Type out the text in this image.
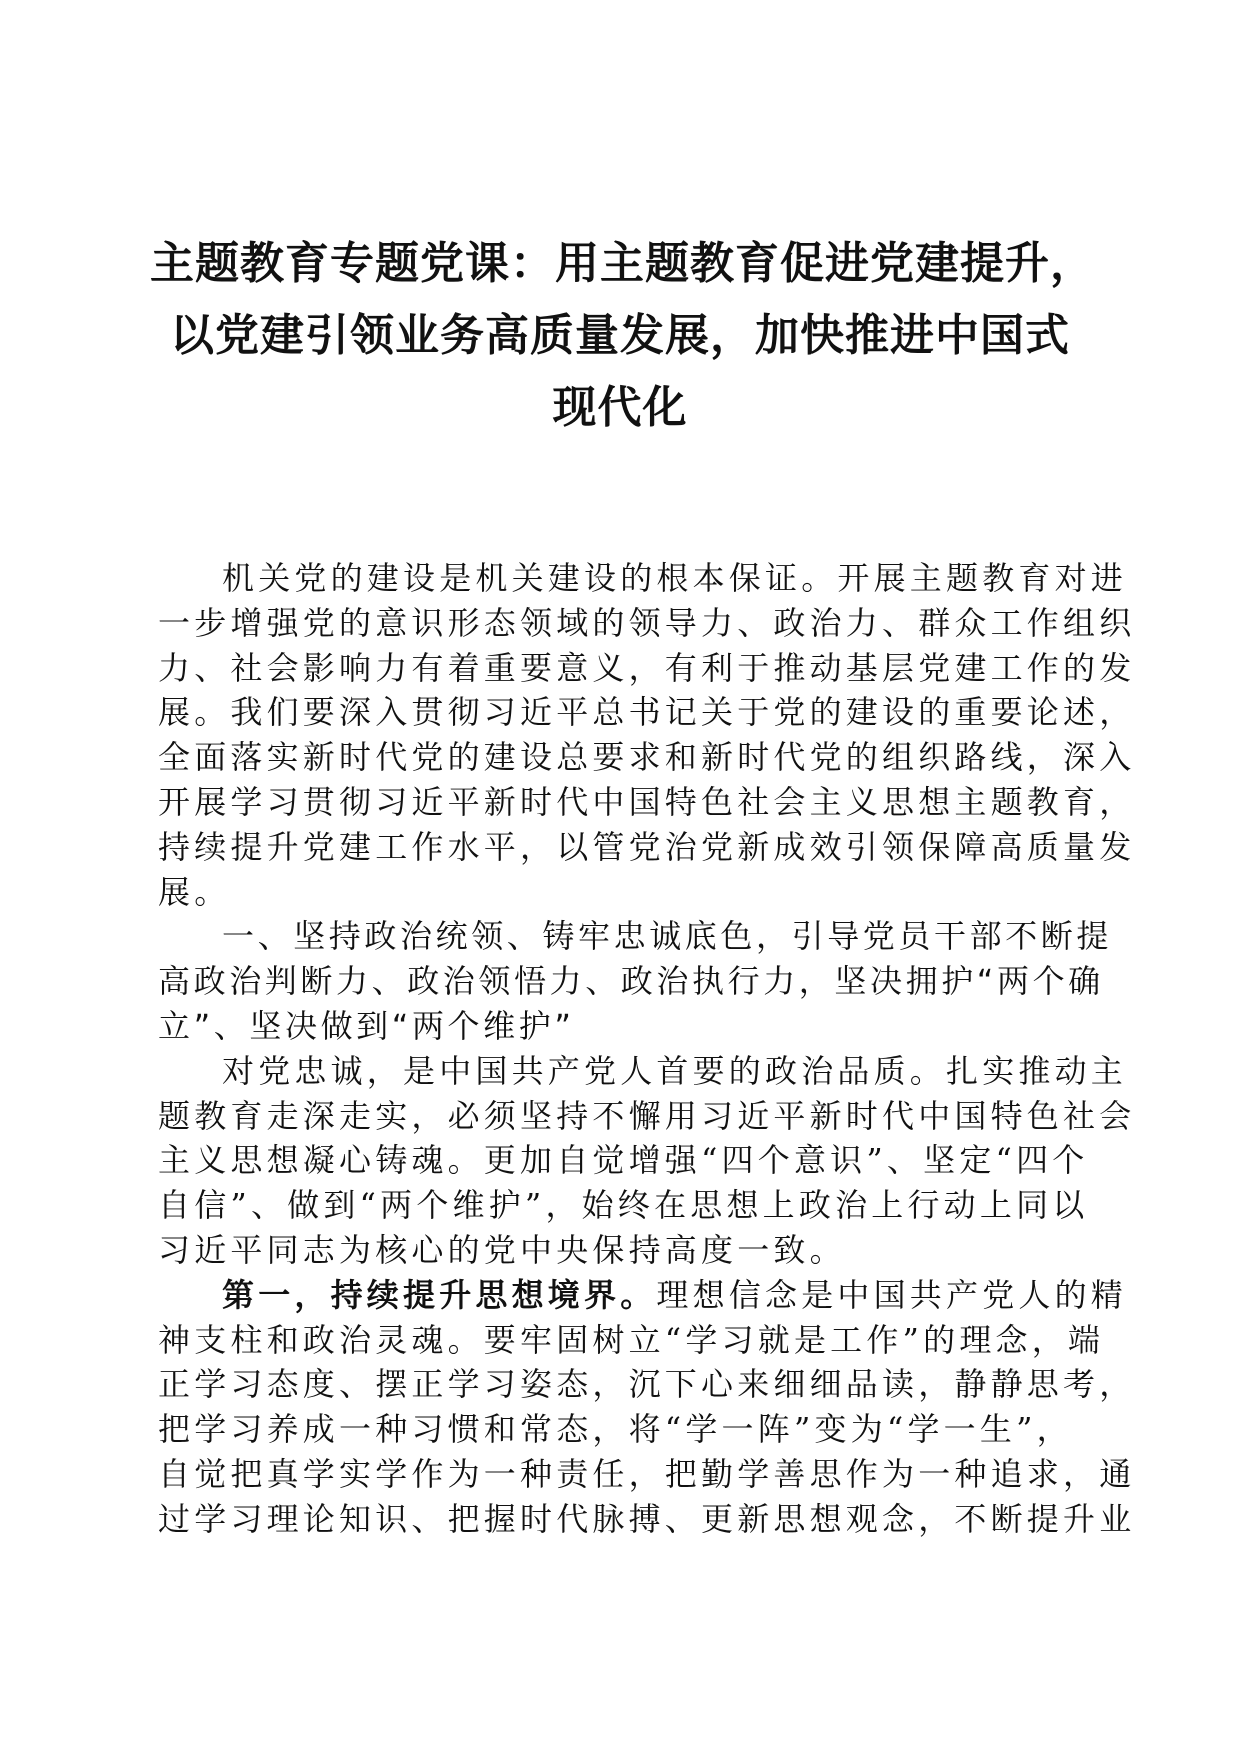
主题教育专题党课：用主题教育促进党建提升，
以党建引领业务高质量发展，加快推进中国式
现代化
机关党的建设是机关建设的根本保证。开展主题教育对进
一步增强党的意识形态领域的领导力、政治力、群众工作组织
力、社会影响力有着重要意义，有利于推动基层党建工作的发
展。我们要深入贯彻习近平总书记关于党的建设的重要论述，
全面落实新时代党的建设总要求和新时代党的组织路线，深入
开展学习贯彻习近平新时代中国特色社会主义思想主题教育，
持续提升党建工作水平，以管党治党新成效引领保障高质量发
展。
一、坚持政治统领、铸牢忠诚底色，引导党员干部不断提
高政治判断力、政治领悟力、政治执行力，坚决拥护“两个确
立”、坚决做到“两个维护”
对党忠诚，是中国共产党人首要的政治品质。扎实推动主
题教育走深走实，必须坚持不懈用习近平新时代中国特色社会
主义思想凝心铸魂。更加自觉增强“四个意识”、坚定“四个
自信”、做到“两个维护”，始终在思想上政治上行动上同以
习近平同志为核心的党中央保持高度一致。
第一，持续提升思想境界。理想信念是中国共产党人的精
神支柱和政治灵魂。要牢固树立“学习就是工作”的理念，端
正学习态度、摆正学习姿态，沉下心来细细品读，静静思考，
把学习养成一种习惯和常态，将“学一阵”变为“学一生”，
自觉把真学实学作为一种责任，把勤学善思作为一种追求，通
过学习理论知识、把握时代脉搏、更新思想观念，不断提升业
